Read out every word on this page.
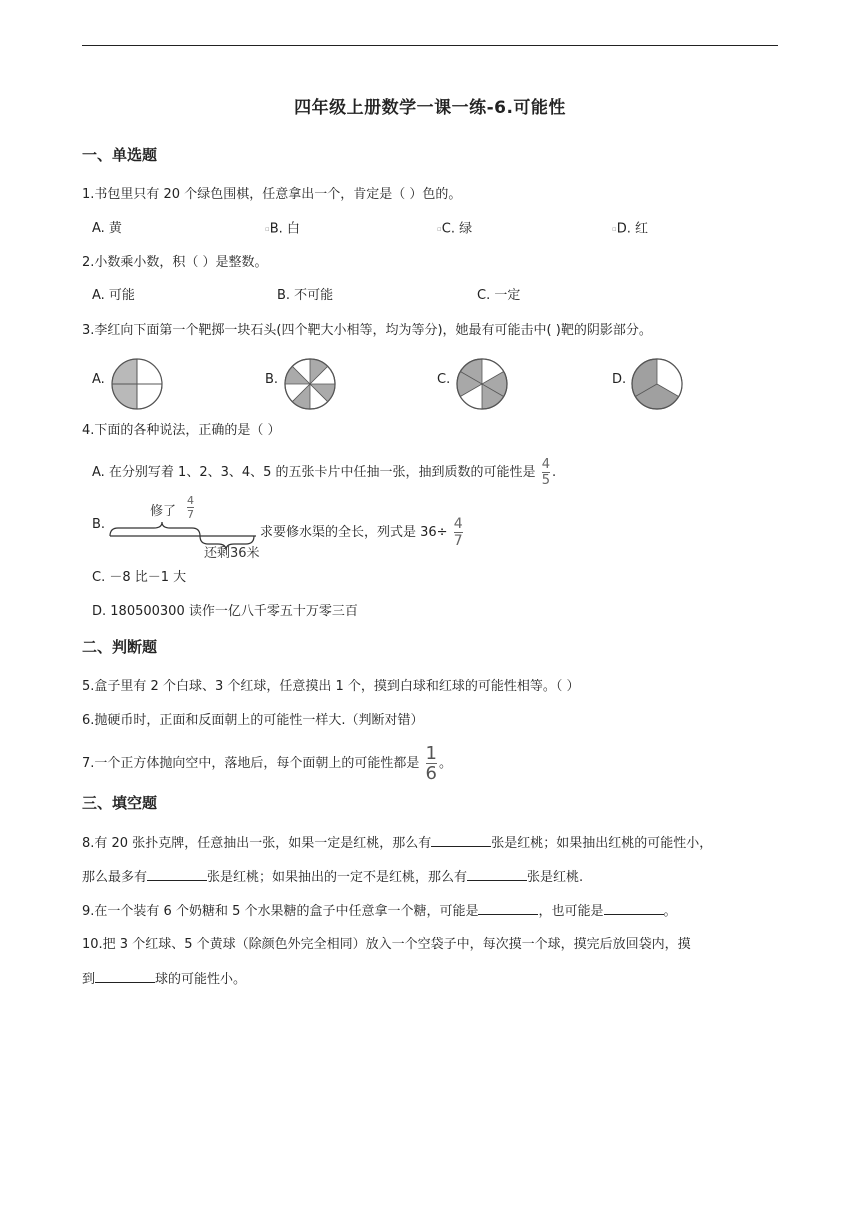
四年级上册数学一课一练-6.可能性
一、单选题
1.书包里只有 20 个绿色围棋，任意拿出一个，肯定是（ ）色的。
A. 黄	▫B. 白	▫C. 绿	▫D. 红
2.小数乘小数，积（ ）是整数。
A. 可能	B. 不可能	C. 一定
3.李红向下面第一个靶掷一块石头(四个靶大小相等，均为等分)，她最有可能击中( )靶的阴影部分。
A.	B.	C.	D.
4.下面的各种说法，正确的是（ ）
A. 在分别写着 1、2、3、4、5 的五张卡片中任抽一张，抽到质数的可能性是 $\frac{4}{5}$ .
B.
修了
4
7
还剩36米
求要修水渠的全长，列式是 $36\div \frac{4}{7}$
C. －8 比－1 大
D. 180500300 读作一亿八千零五十万零三百
二、判断题
5.盒子里有 2 个白球、3 个红球，任意摸出 1 个，摸到白球和红球的可能性相等。（ ）
6.抛硬币时，正面和反面朝上的可能性一样大.（判断对错）
7.一个正方体抛向空中，落地后，每个面朝上的可能性都是 $\frac{1}{6}$ 。
三、填空题
8.有 20 张扑克牌，任意抽出一张，如果一定是红桃，那么有	张是红桃；如果抽出红桃的可能性小，
那么最多有	张是红桃；如果抽出的一定不是红桃，那么有	张是红桃.
9.在一个装有 6 个奶糖和 5 个水果糖的盒子中任意拿一个糖，可能是	，也可能是	。
10.把 3 个红球、5 个黄球（除颜色外完全相同）放入一个空袋子中，每次摸一个球，摸完后放回袋内，摸
到	球的可能性小。
